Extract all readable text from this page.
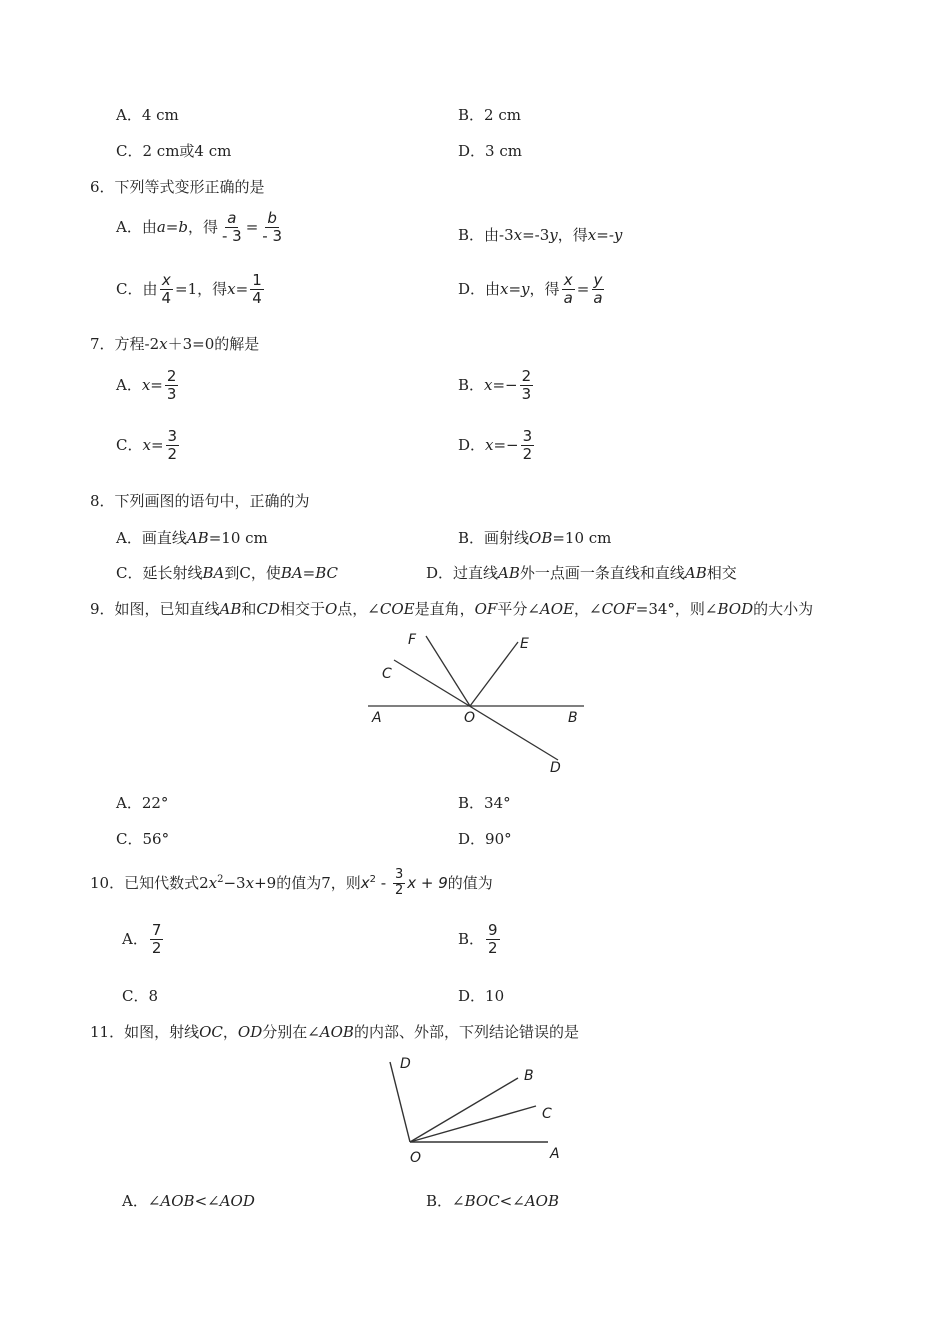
A．4 cm	B．2 cm
C．2 cm或4 cm	D．3 cm
6．下列等式变形正确的是
A．由a=b，得 $\frac{a}{- 3} = \frac{b}{- 3}$	B．由-3x=-3y，得x=-y
C．由 $\frac{x}{4} =1$，得$x= \frac{1}{4}$	D．由x=y，得 $\frac{x}{a} = \frac{y}{a}$
7．方程-2x＋3=0的解是
A．$x= \frac{2}{3}$	B．$x=- \frac{2}{3}$
C．$x= \frac{3}{2}$	D．$x=- \frac{3}{2}$
8．下列画图的语句中，正确的为
A．画直线AB=10 cm	B．画射线OB=10 cm
C．延长射线BA到C，使BA=BC	D．过直线AB外一点画一条直线和直线AB相交
9．如图，已知直线AB和CD相交于O点，∠COE是直角，OF平分∠AOE，∠COF=34°，则∠BOD的大小为
F	E
C
A	O	B
D
A．22°	B．34°
C．56°	D．90°
10．已知代数式$2x^2-3x+9$的值为7，则$x^2 - \frac{3}{2}$ x + 9的值为
A． $\frac{7}{2}$	B． $\frac{9}{2}$
C．8	D．10
11．如图，射线OC，OD分别在∠AOB的内部、外部，下列结论错误的是
D
B
C
O	A
A．∠AOB<∠AOD	B．∠BOC<∠AOB
